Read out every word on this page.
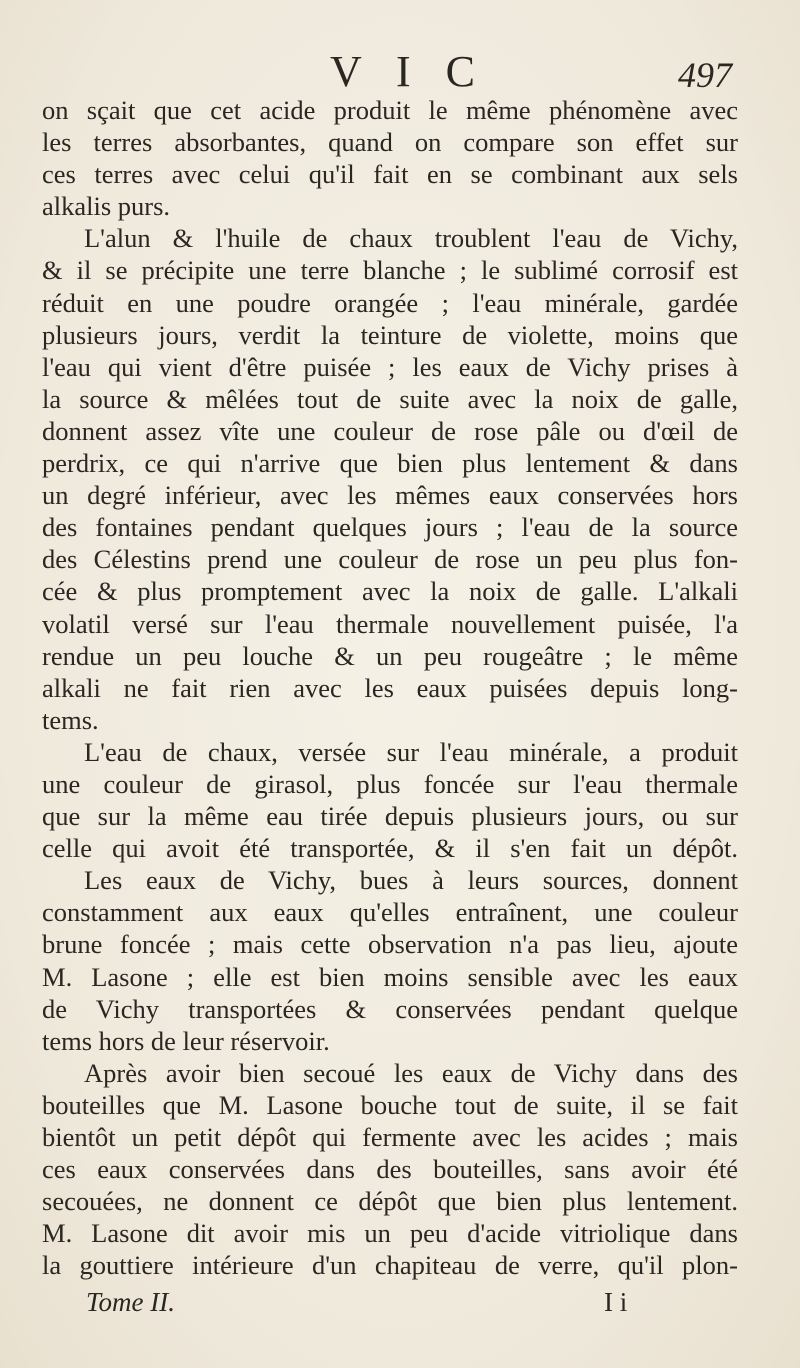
V I C	497
on sçait que cet acide produit le même phénomène avec
les terres absorbantes, quand on compare son effet sur
ces terres avec celui qu'il fait en se combinant aux sels
alkalis purs.
L'alun & l'huile de chaux troublent l'eau de Vichy,
& il se précipite une terre blanche ; le sublimé corrosif est
réduit en une poudre orangée ; l'eau minérale, gardée
plusieurs jours, verdit la teinture de violette, moins que
l'eau qui vient d'être puisée ; les eaux de Vichy prises à
la source & mêlées tout de suite avec la noix de galle,
donnent assez vîte une couleur de rose pâle ou d'œil de
perdrix, ce qui n'arrive que bien plus lentement & dans
un degré inférieur, avec les mêmes eaux conservées hors
des fontaines pendant quelques jours ; l'eau de la source
des Célestins prend une couleur de rose un peu plus fon-
cée & plus promptement avec la noix de galle. L'alkali
volatil versé sur l'eau thermale nouvellement puisée, l'a
rendue un peu louche & un peu rougeâtre ; le même
alkali ne fait rien avec les eaux puisées depuis long-
tems.
L'eau de chaux, versée sur l'eau minérale, a produit
une couleur de girasol, plus foncée sur l'eau thermale
que sur la même eau tirée depuis plusieurs jours, ou sur
celle qui avoit été transportée, & il s'en fait un dépôt.
Les eaux de Vichy, bues à leurs sources, donnent
constamment aux eaux qu'elles entraînent, une couleur
brune foncée ; mais cette observation n'a pas lieu, ajoute
M. Lasone ; elle est bien moins sensible avec les eaux
de Vichy transportées & conservées pendant quelque
tems hors de leur réservoir.
Après avoir bien secoué les eaux de Vichy dans des
bouteilles que M. Lasone bouche tout de suite, il se fait
bientôt un petit dépôt qui fermente avec les acides ; mais
ces eaux conservées dans des bouteilles, sans avoir été
secouées, ne donnent ce dépôt que bien plus lentement.
M. Lasone dit avoir mis un peu d'acide vitriolique dans
la gouttiere intérieure d'un chapiteau de verre, qu'il plon-
Tome II.	I i
